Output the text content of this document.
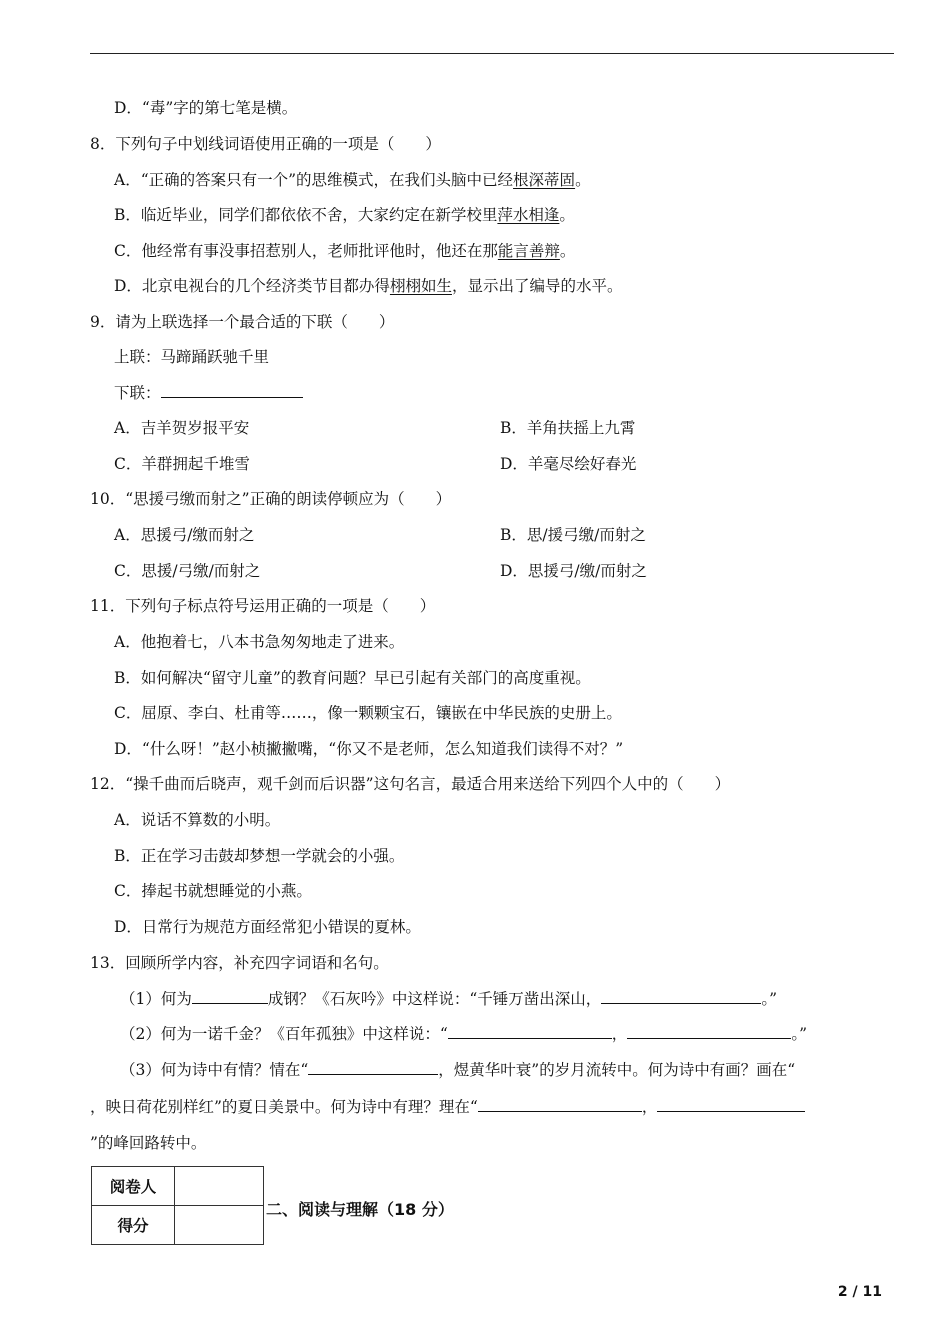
D．“毒”字的第七笔是横。
8．下列句子中划线词语使用正确的一项是（　　）
A．“正确的答案只有一个”的思维模式，在我们头脑中已经根深蒂固。
B．临近毕业，同学们都依依不舍，大家约定在新学校里萍水相逢。
C．他经常有事没事招惹别人，老师批评他时，他还在那能言善辩。
D．北京电视台的几个经济类节目都办得栩栩如生，显示出了编导的水平。
9．请为上联选择一个最合适的下联（　　）
上联：马蹄踊跃驰千里
下联：
A．吉羊贺岁报平安	B．羊角扶摇上九霄
C．羊群拥起千堆雪	D．羊毫尽绘好春光
10．“思援弓缴而射之”正确的朗读停顿应为（　　）
A．思援弓/缴而射之	B．思/援弓缴/而射之
C．思援/弓缴/而射之	D．思援弓/缴/而射之
11．下列句子标点符号运用正确的一项是（　　）
A．他抱着七，八本书急匆匆地走了进来。
B．如何解决“留守儿童”的教育问题？早已引起有关部门的高度重视。
C．屈原、李白、杜甫等……，像一颗颗宝石，镶嵌在中华民族的史册上。
D．“什么呀！”赵小桢撇撇嘴，“你又不是老师，怎么知道我们读得不对？”
12．“操千曲而后晓声，观千剑而后识器”这句名言，最适合用来送给下列四个人中的（　　）
A．说话不算数的小明。
B．正在学习击鼓却梦想一学就会的小强。
C．捧起书就想睡觉的小燕。
D．日常行为规范方面经常犯小错误的夏林。
13．回顾所学内容，补充四字词语和名句。
（1）何为	成钢？《石灰吟》中这样说：“千锤万凿出深山，	。”
（2）何为一诺千金？《百年孤独》中这样说：“	，	。”
（3）何为诗中有情？情在“	，煜黄华叶衰”的岁月流转中。何为诗中有画？画在“
，映日荷花别样红”的夏日美景中。何为诗中有理？理在“	，
”的峰回路转中。
阅卷人	
得分	
二、阅读与理解（18 分）
2 / 11
